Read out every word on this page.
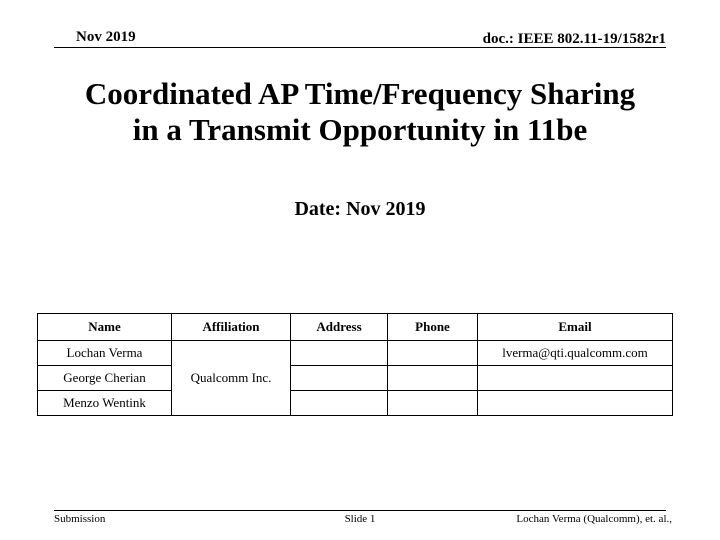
Nov 2019	doc.: IEEE 802.11-19/1582r1
Coordinated AP Time/Frequency Sharing
in a Transmit Opportunity in 11be
Date: Nov 2019
Name	Affiliation	Address	Phone	Email
Lochan Verma	Qualcomm Inc.			lverma@qti.qualcomm.com
George Cherian				
Menzo Wentink				
Submission	Slide 1	Lochan Verma (Qualcomm), et. al.,
